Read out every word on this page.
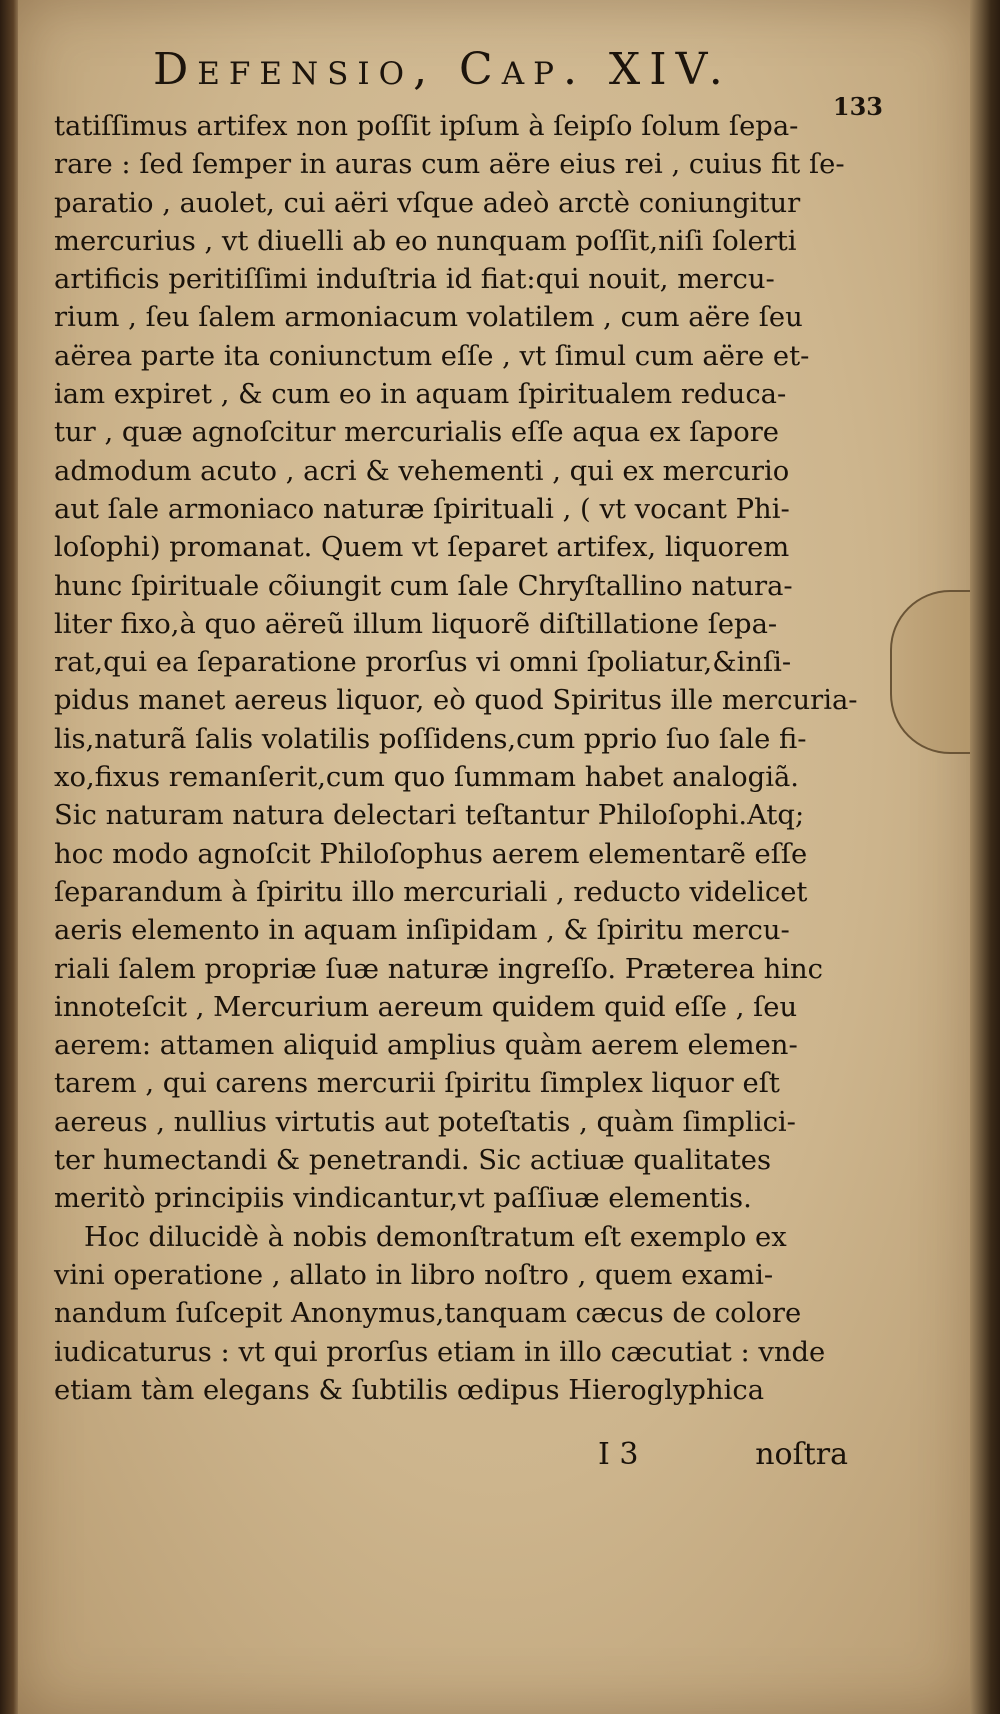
Defensio, Cap. XIV.
133
tatiſſimus artifex non poſſit ipſum à ſeipſo ſolum ſepa-
rare : ſed ſemper in auras cum aëre eius rei , cuius fit ſe-
paratio , auolet, cui aëri vſque adeò arctè coniungitur
mercurius , vt diuelli ab eo nunquam poſſit,niſi ſolerti
artificis peritiſſimi induſtria id fiat:qui nouit, mercu-
rium , ſeu ſalem armoniacum volatilem , cum aëre ſeu
aërea parte ita coniunctum eſſe , vt ſimul cum aëre et-
iam expiret , & cum eo in aquam ſpiritualem reduca-
tur , quæ agnoſcitur mercurialis eſſe aqua ex ſapore
admodum acuto , acri & vehementi , qui ex mercurio
aut ſale armoniaco naturæ ſpirituali , ( vt vocant Phi-
loſophi) promanat. Quem vt ſeparet artifex, liquorem
hunc ſpirituale cõiungit cum ſale Chryſtallino natura-
liter fixo,à quo aëreũ illum liquorẽ diſtillatione ſepa-
rat,qui ea ſeparatione prorſus vi omni ſpoliatur,&inſi-
pidus manet aereus liquor, eò quod Spiritus ille mercuria-
lis,naturã ſalis volatilis poſſidens,cum pprio ſuo ſale fi-
xo,fixus remanſerit,cum quo ſummam habet analogiã.
Sic naturam natura delectari teſtantur Philoſophi.Atq;
hoc modo agnoſcit Philoſophus aerem elementarẽ eſſe
ſeparandum à ſpiritu illo mercuriali , reducto videlicet
aeris elemento in aquam inſipidam , & ſpiritu mercu-
riali ſalem propriæ ſuæ naturæ ingreſſo. Præterea hinc
innoteſcit , Mercurium aereum quidem quid eſſe , ſeu
aerem: attamen aliquid amplius quàm aerem elemen-
tarem , qui carens mercurii ſpiritu ſimplex liquor eſt
aereus , nullius virtutis aut poteſtatis , quàm ſimplici-
ter humectandi & penetrandi. Sic actiuæ qualitates
meritò principiis vindicantur,vt paſſiuæ elementis.
Hoc dilucidè à nobis demonſtratum eſt exemplo ex
vini operatione , allato in libro noſtro , quem exami-
nandum ſuſcepit Anonymus,tanquam cæcus de colore
iudicaturus : vt qui prorſus etiam in illo cæcutiat : vnde
etiam tàm elegans & ſubtilis œdipus Hieroglyphica
I 3	noſtra
